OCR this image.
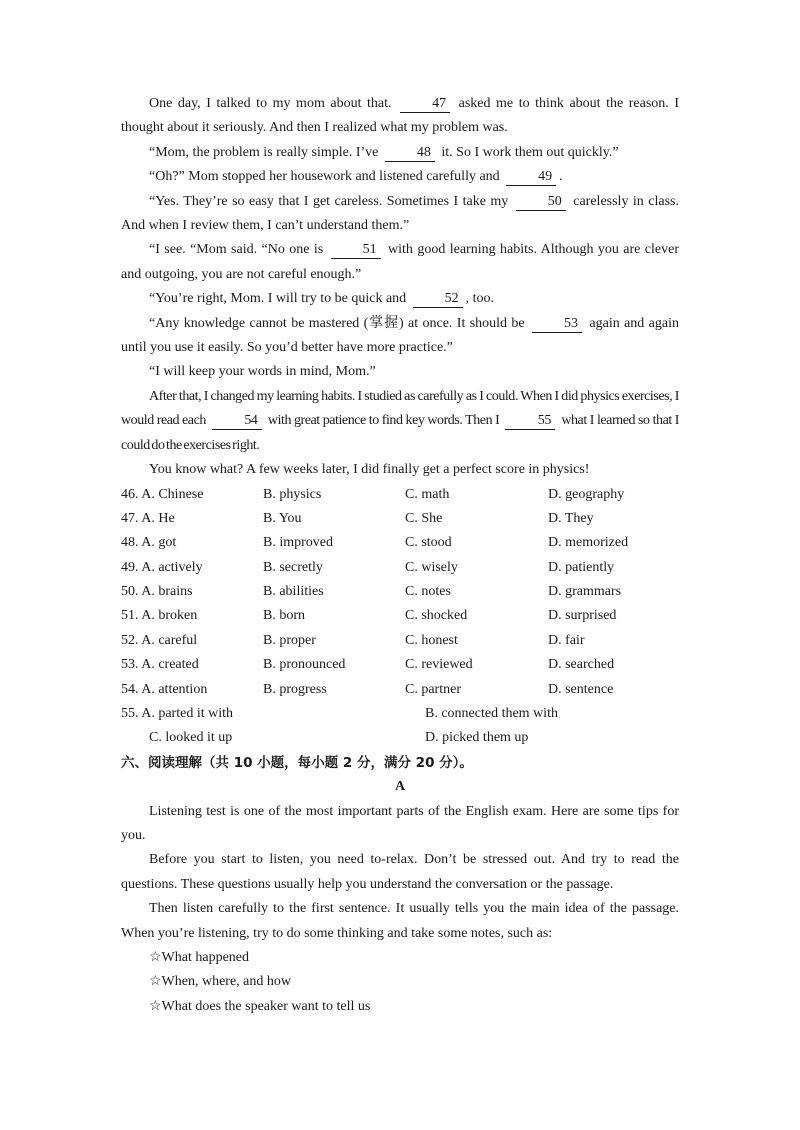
One day, I talked to my mom about that.	47 asked me to think about the reason. I thought about it seriously. And then I realized what my problem was.

“Mom, the problem is really simple. I’ve	48 it. So I work them out quickly.”

“Oh?” Mom stopped her housework and listened carefully and	49 .

“Yes. They’re so easy that I get careless. Sometimes I take my	50 carelessly in class. And when I review them, I can’t understand them.”

“I see. “Mom said. “No one is	51 with good learning habits. Although you are clever and outgoing, you are not careful enough.”

“You’re right, Mom. I will try to be quick and	52 , too.

“Any knowledge cannot be mastered (掌握) at once. It should be	53 again and again until you use it easily. So you’d better have more practice.”

“I will keep your words in mind, Mom.”

After that, I changed my learning habits. I studied as carefully as I could. When I did physics exercises, I would read each	54 with great patience to find key words. Then I	55 what I learned so that I could do the exercises right.

You know what? A few weeks later, I did finally get a perfect score in physics!

46. A. Chinese	B. physics	C. math	D. geography
47. A. He	B. You	C. She	D. They
48. A. got	B. improved	C. stood	D. memorized
49. A. actively	B. secretly	C. wisely	D. patiently
50. A. brains	B. abilities	C. notes	D. grammars
51. A. broken	B. born	C. shocked	D. surprised
52. A. careful	B. proper	C. honest	D. fair
53. A. created	B. pronounced	C. reviewed	D. searched
54. A. attention	B. progress	C. partner	D. sentence
55. A. parted it with	B. connected them with
C. looked it up	D. picked them up

六、阅读理解（共 10 小题，每小题 2 分，满分 20 分）。

A

Listening test is one of the most important parts of the English exam. Here are some tips for you.

Before you start to listen, you need to-relax. Don’t be stressed out. And try to read the questions. These questions usually help you understand the conversation or the passage.

Then listen carefully to the first sentence. It usually tells you the main idea of the passage. When you’re listening, try to do some thinking and take some notes, such as:

☆What happened

☆When, where, and how

☆What does the speaker want to tell us
